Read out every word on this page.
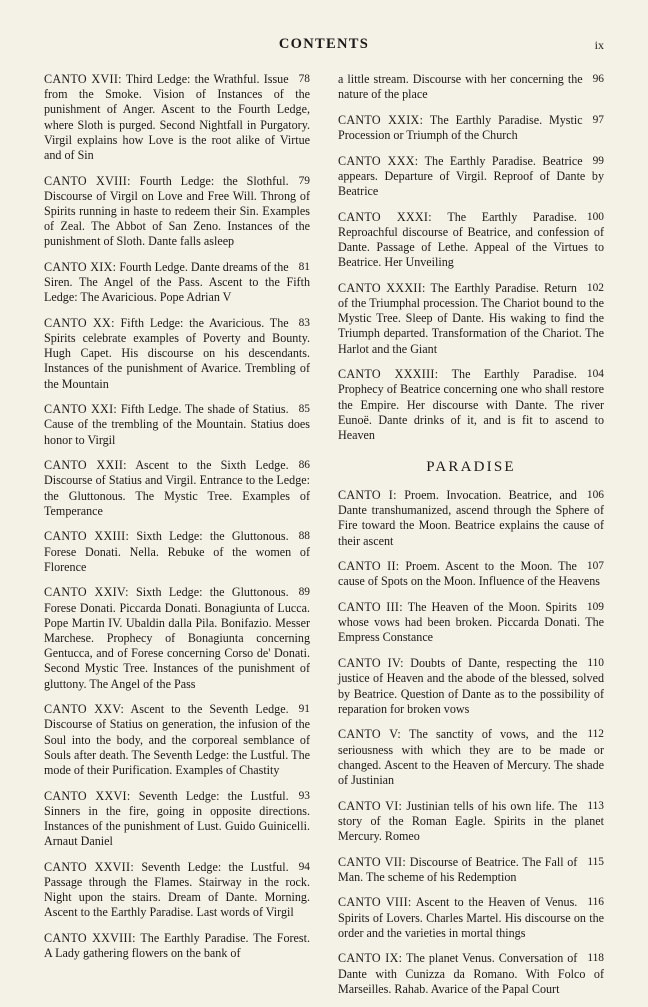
CONTENTS	ix
78
CANTO XVII: Third Ledge: the Wrathful. Issue from the Smoke. Vision of Instances of the punishment of Anger. Ascent to the Fourth Ledge, where Sloth is purged. Second Nightfall in Purgatory. Virgil explains how Love is the root alike of Virtue and of Sin
79
CANTO XVIII: Fourth Ledge: the Slothful. Discourse of Virgil on Love and Free Will. Throng of Spirits running in haste to redeem their Sin. Examples of Zeal. The Abbot of San Zeno. Instances of the punishment of Sloth. Dante falls asleep
81
CANTO XIX: Fourth Ledge. Dante dreams of the Siren. The Angel of the Pass. Ascent to the Fifth Ledge: The Avaricious. Pope Adrian V
83
CANTO XX: Fifth Ledge: the Avaricious. The Spirits celebrate examples of Poverty and Bounty. Hugh Capet. His discourse on his descendants. Instances of the punishment of Avarice. Trembling of the Mountain
85
CANTO XXI: Fifth Ledge. The shade of Statius. Cause of the trembling of the Mountain. Statius does honor to Virgil
86
CANTO XXII: Ascent to the Sixth Ledge. Discourse of Statius and Virgil. Entrance to the Ledge: the Gluttonous. The Mystic Tree. Examples of Temperance
88
CANTO XXIII: Sixth Ledge: the Gluttonous. Forese Donati. Nella. Rebuke of the women of Florence
89
CANTO XXIV: Sixth Ledge: the Gluttonous. Forese Donati. Piccarda Donati. Bonagiunta of Lucca. Pope Martin IV. Ubaldin dalla Pila. Bonifazio. Messer Marchese. Prophecy of Bonagiunta concerning Gentucca, and of Forese concerning Corso de' Donati. Second Mystic Tree. Instances of the punishment of gluttony. The Angel of the Pass
91
CANTO XXV: Ascent to the Seventh Ledge. Discourse of Statius on generation, the infusion of the Soul into the body, and the corporeal semblance of Souls after death. The Seventh Ledge: the Lustful. The mode of their Purification. Examples of Chastity
93
CANTO XXVI: Seventh Ledge: the Lustful. Sinners in the fire, going in opposite directions. Instances of the punishment of Lust. Guido Guinicelli. Arnaut Daniel
94
CANTO XXVII: Seventh Ledge: the Lustful. Passage through the Flames. Stairway in the rock. Night upon the stairs. Dream of Dante. Morning. Ascent to the Earthly Paradise. Last words of Virgil
CANTO XXVIII: The Earthly Paradise. The Forest. A Lady gathering flowers on the bank of
96
a little stream. Discourse with her concerning the nature of the place
97
CANTO XXIX: The Earthly Paradise. Mystic Procession or Triumph of the Church
99
CANTO XXX: The Earthly Paradise. Beatrice appears. Departure of Virgil. Reproof of Dante by Beatrice
100
CANTO XXXI: The Earthly Paradise. Reproachful discourse of Beatrice, and confession of Dante. Passage of Lethe. Appeal of the Virtues to Beatrice. Her Unveiling
102
CANTO XXXII: The Earthly Paradise. Return of the Triumphal procession. The Chariot bound to the Mystic Tree. Sleep of Dante. His waking to find the Triumph departed. Transformation of the Chariot. The Harlot and the Giant
104
CANTO XXXIII: The Earthly Paradise. Prophecy of Beatrice concerning one who shall restore the Empire. Her discourse with Dante. The river Eunoë. Dante drinks of it, and is fit to ascend to Heaven
PARADISE
106
CANTO I: Proem. Invocation. Beatrice, and Dante transhumanized, ascend through the Sphere of Fire toward the Moon. Beatrice explains the cause of their ascent
107
CANTO II: Proem. Ascent to the Moon. The cause of Spots on the Moon. Influence of the Heavens
109
CANTO III: The Heaven of the Moon. Spirits whose vows had been broken. Piccarda Donati. The Empress Constance
110
CANTO IV: Doubts of Dante, respecting the justice of Heaven and the abode of the blessed, solved by Beatrice. Question of Dante as to the possibility of reparation for broken vows
112
CANTO V: The sanctity of vows, and the seriousness with which they are to be made or changed. Ascent to the Heaven of Mercury. The shade of Justinian
113
CANTO VI: Justinian tells of his own life. The story of the Roman Eagle. Spirits in the planet Mercury. Romeo
115
CANTO VII: Discourse of Beatrice. The Fall of Man. The scheme of his Redemption
116
CANTO VIII: Ascent to the Heaven of Venus. Spirits of Lovers. Charles Martel. His discourse on the order and the varieties in mortal things
118
CANTO IX: The planet Venus. Conversation of Dante with Cunizza da Romano. With Folco of Marseilles. Rahab. Avarice of the Papal Court
